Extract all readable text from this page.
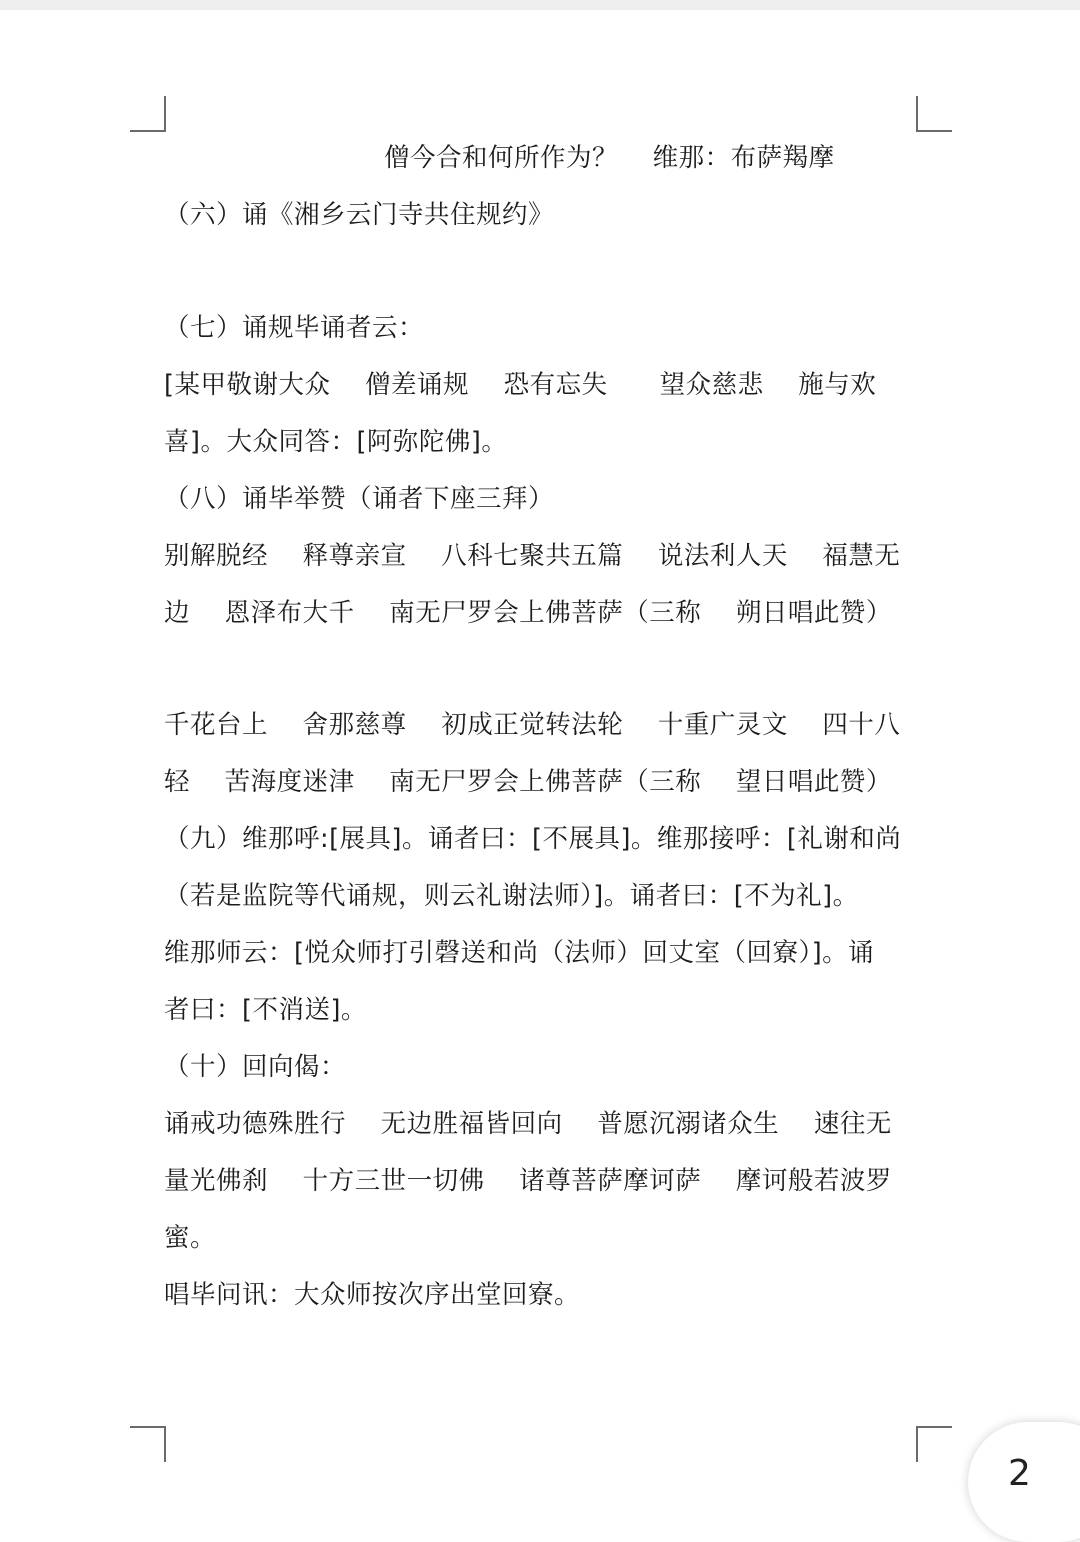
僧今合和何所作为？　 维那：布萨羯摩
（六）诵《湘乡云门寺共住规约》
（七）诵规毕诵者云：
[某甲敬谢大众　 僧差诵规　 恐有忘失　　望众慈悲　 施与欢
喜]。大众同答：[阿弥陀佛]。
（八）诵毕举赞（诵者下座三拜）
别解脱经　 释尊亲宣　 八科七聚共五篇　 说法利人天　 福慧无
边　 恩泽布大千　 南无尸罗会上佛菩萨（三称　 朔日唱此赞）
千花台上　 舍那慈尊　 初成正觉转法轮　 十重广灵文　 四十八
轻　 苦海度迷津　 南无尸罗会上佛菩萨（三称　 望日唱此赞）
（九）维那呼:[展具]。诵者曰：[不展具]。维那接呼：[礼谢和尚
（若是监院等代诵规，则云礼谢法师）]。诵者曰：[不为礼]。
维那师云：[悦众师打引磬送和尚（法师）回丈室（回寮）]。诵
者曰：[不消送]。
（十）回向偈：
诵戒功德殊胜行　 无边胜福皆回向　 普愿沉溺诸众生　 速往无
量光佛刹　 十方三世一切佛　 诸尊菩萨摩诃萨　 摩诃般若波罗
蜜。
唱毕问讯：大众师按次序出堂回寮。
2
